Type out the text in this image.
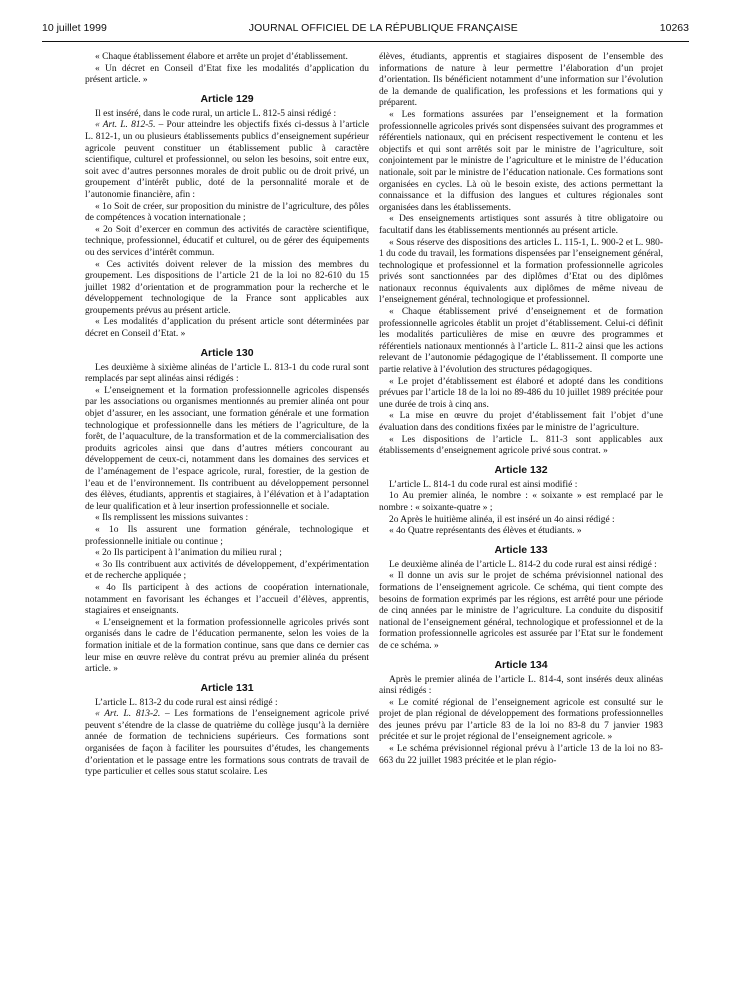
10 juillet 1999	JOURNAL OFFICIEL DE LA RÉPUBLIQUE FRANÇAISE	10263

« Chaque établissement élabore et arrête un projet d’établissement.

« Un décret en Conseil d’Etat fixe les modalités d’application du présent article. »

Article 129

Il est inséré, dans le code rural, un article L. 812-5 ainsi rédigé :

« Art. L. 812-5. – Pour atteindre les objectifs fixés ci-dessus à l’article L. 812-1, un ou plusieurs établissements publics d’enseignement supérieur agricole peuvent constituer un établissement public à caractère scientifique, culturel et professionnel, ou selon les besoins, soit entre eux, soit avec d’autres personnes morales de droit public ou de droit privé, un groupement d’intérêt public, doté de la personnalité morale et de l’autonomie financière, afin :

« 1o Soit de créer, sur proposition du ministre de l’agriculture, des pôles de compétences à vocation internationale ;

« 2o Soit d’exercer en commun des activités de caractère scientifique, technique, professionnel, éducatif et culturel, ou de gérer des équipements ou des services d’intérêt commun.

« Ces activités doivent relever de la mission des membres du groupement. Les dispositions de l’article 21 de la loi no 82-610 du 15 juillet 1982 d’orientation et de programmation pour la recherche et le développement technologique de la France sont applicables aux groupements prévus au présent article.

« Les modalités d’application du présent article sont déterminées par décret en Conseil d’Etat. »

Article 130

Les deuxième à sixième alinéas de l’article L. 813-1 du code rural sont remplacés par sept alinéas ainsi rédigés :

« L’enseignement et la formation professionnelle agricoles dispensés par les associations ou organismes mentionnés au premier alinéa ont pour objet d’assurer, en les associant, une formation générale et une formation technologique et professionnelle dans les métiers de l’agriculture, de la forêt, de l’aquaculture, de la transformation et de la commercialisation des produits agricoles ainsi que dans d’autres métiers concourant au développement de ceux-ci, notamment dans les domaines des services et de l’aménagement de l’espace agricole, rural, forestier, de la gestion de l’eau et de l’environnement. Ils contribuent au développement personnel des élèves, étudiants, apprentis et stagiaires, à l’élévation et à l’adaptation de leur qualification et à leur insertion professionnelle et sociale.

« Ils remplissent les missions suivantes :

« 1o Ils assurent une formation générale, technologique et professionnelle initiale ou continue ;

« 2o Ils participent à l’animation du milieu rural ;

« 3o Ils contribuent aux activités de développement, d’expérimentation et de recherche appliquée ;

« 4o Ils participent à des actions de coopération internationale, notamment en favorisant les échanges et l’accueil d’élèves, apprentis, stagiaires et enseignants.

« L’enseignement et la formation professionnelle agricoles privés sont organisés dans le cadre de l’éducation permanente, selon les voies de la formation initiale et de la formation continue, sans que dans ce dernier cas leur mise en œuvre relève du contrat prévu au premier alinéa du présent article. »

Article 131

L’article L. 813-2 du code rural est ainsi rédigé :

« Art. L. 813-2. – Les formations de l’enseignement agricole privé peuvent s’étendre de la classe de quatrième du collège jusqu’à la dernière année de formation de techniciens supérieurs. Ces formations sont organisées de façon à faciliter les poursuites d’études, les changements d’orientation et le passage entre les formations sous contrats de travail de type particulier et celles sous statut scolaire. Les

élèves, étudiants, apprentis et stagiaires disposent de l’ensemble des informations de nature à leur permettre l’élaboration d’un projet d’orientation. Ils bénéficient notamment d’une information sur l’évolution de la demande de qualification, les professions et les formations qui y préparent.

« Les formations assurées par l’enseignement et la formation professionnelle agricoles privés sont dispensées suivant des programmes et référentiels nationaux, qui en précisent respectivement le contenu et les objectifs et qui sont arrêtés soit par le ministre de l’agriculture, soit conjointement par le ministre de l’agriculture et le ministre de l’éducation nationale, soit par le ministre de l’éducation nationale. Ces formations sont organisées en cycles. Là où le besoin existe, des actions permettant la connaissance et la diffusion des langues et cultures régionales sont organisées dans les établissements.

« Des enseignements artistiques sont assurés à titre obligatoire ou facultatif dans les établissements mentionnés au présent article.

« Sous réserve des dispositions des articles L. 115-1, L. 900-2 et L. 980-1 du code du travail, les formations dispensées par l’enseignement général, technologique et professionnel et la formation professionnelle agricoles privés sont sanctionnées par des diplômes d’Etat ou des diplômes nationaux reconnus équivalents aux diplômes de même niveau de l’enseignement général, technologique et professionnel.

« Chaque établissement privé d’enseignement et de formation professionnelle agricoles établit un projet d’établissement. Celui-ci définit les modalités particulières de mise en œuvre des programmes et référentiels nationaux mentionnés à l’article L. 811-2 ainsi que les actions relevant de l’autonomie pédagogique de l’établissement. Il comporte une partie relative à l’évolution des structures pédagogiques.

« Le projet d’établissement est élaboré et adopté dans les conditions prévues par l’article 18 de la loi no 89-486 du 10 juillet 1989 précitée pour une durée de trois à cinq ans.

« La mise en œuvre du projet d’établissement fait l’objet d’une évaluation dans des conditions fixées par le ministre de l’agriculture.

« Les dispositions de l’article L. 811-3 sont applicables aux établissements d’enseignement agricole privé sous contrat. »

Article 132

L’article L. 814-1 du code rural est ainsi modifié :

1o Au premier alinéa, le nombre : « soixante » est remplacé par le nombre : « soixante-quatre » ;

2o Après le huitième alinéa, il est inséré un 4o ainsi rédigé :

« 4o Quatre représentants des élèves et étudiants. »

Article 133

Le deuxième alinéa de l’article L. 814-2 du code rural est ainsi rédigé :

« Il donne un avis sur le projet de schéma prévisionnel national des formations de l’enseignement agricole. Ce schéma, qui tient compte des besoins de formation exprimés par les régions, est arrêté pour une période de cinq années par le ministre de l’agriculture. La conduite du dispositif national de l’enseignement général, technologique et professionnel et de la formation professionnelle agricoles est assurée par l’Etat sur le fondement de ce schéma. »

Article 134

Après le premier alinéa de l’article L. 814-4, sont insérés deux alinéas ainsi rédigés :

« Le comité régional de l’enseignement agricole est consulté sur le projet de plan régional de développement des formations professionnelles des jeunes prévu par l’article 83 de la loi no 83-8 du 7 janvier 1983 précitée et sur le projet régional de l’enseignement agricole. »

« Le schéma prévisionnel régional prévu à l’article 13 de la loi no 83-663 du 22 juillet 1983 précitée et le plan régio-
